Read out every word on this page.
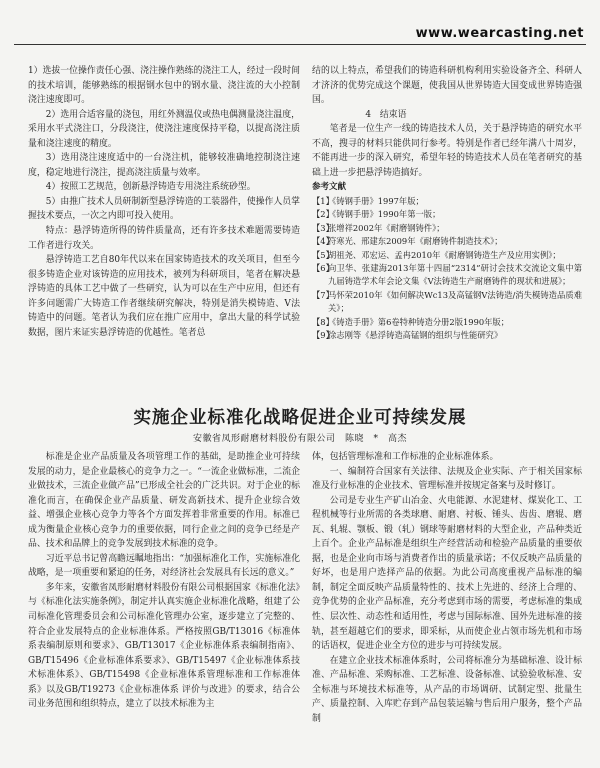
www.wearcasting.net

1）选拔一位操作责任心强、浇注操作熟练的浇注工人，经过一段时间的技术培训，能够熟练的根据钢水包中的钢水量、浇注流的大小控制浇注速度即可。

2）选用合适容量的浇包，用红外测温仪或热电偶测量浇注温度，采用水平式浇注口，分段浇注，使浇注速度保持平稳，以提高浇注质量和浇注速度的精度。

3）选用浇注速度适中的一台浇注机，能够较准确地控制浇注速度，稳定地进行浇注，提高浇注质量与效率。

4）按照工艺规范，创新悬浮铸造专用浇注系统砂型。

5）由推广技术人员研制新型悬浮铸造的工装器件，使操作人员掌握技术要点，一次之内即可投入使用。

特点：悬浮铸造所得的铸件质量高，还有许多技术难题需要铸造工作者进行攻关。

悬浮铸造工艺自80年代以来在国家铸造技术的攻关项目，但至今很多铸造企业对该铸造的应用技术，被列为科研项目，笔者在解决悬浮铸造的具体工艺中做了一些研究，认为可以在生产中应用，但还有许多问题需广大铸造工作者继续研究解决，特别是消失模铸造、V法铸造中的问题。笔者认为我们应在推广应用中，拿出大量的科学试验数据，图片来证实悬浮铸造的优越性。笔者总

结的以上特点，希望我们的铸造科研机构利用实验设备齐全、科研人才济济的优势完成这个课题，使我国从世界铸造大国变成世界铸造强国。

4　结束语

笔者是一位生产一线的铸造技术人员，关于悬浮铸造的研究水平不高，搜寻的材料只能供同行参考。特别是作者已经年满八十周岁，不能再进一步的深入研究，希望年轻的铸造技术人员在笔者研究的基础上进一步把悬浮铸造搞好。

参考文献

【1】
《铸钢手册》1997年版；

【2】
《铸钢手册》1990年第一版；

【3】
张增祥2002年《耐磨钢铸件》；

【4】
符寒光、邢建东2009年《耐磨铸件制造技术》；

【5】
胡祖尧、邓宏运、孟冉2010年《耐磨钢铸造生产及应用实例》；

【6】
向卫华、张建海2013年第十四届“2314”研讨会技术交流论文集中第九届铸造学术年会论文集《V法铸造生产耐磨铸件的现状和进展》；

【7】
马怀荣2010年《如何解决Wc13及高锰钢V法铸造/消失模铸造品质难关》；

【8】
《铸造手册》第6卷特种铸造分册2版1990年版；

【9】
徐志刚等《悬浮铸造高锰钢的组织与性能研究》

实施企业标准化战略促进企业可持续发展
安徽省凤形耐磨材料股份有限公司　陈晓　*　高杰

标准是企业产品质量及各项管理工作的基础，是助推企业可持续发展的动力，是企业最核心的竞争力之一。“一流企业做标准，二流企业做技术，三流企业做产品”已形成全社会的广泛共识。对于企业的标准化而言，在确保企业产品质量、研发高新技术、提升企业综合效益、增强企业核心竞争力等各个方面发挥着非常重要的作用。标准已成为衡量企业核心竞争力的重要依据，同行企业之间的竞争已经是产品、技术和品牌上的竞争发展到技术标准的竞争。

习近平总书记曾高瞻远瞩地指出：“加强标准化工作，实施标准化战略，是一项重要和紧迫的任务，对经济社会发展具有长远的意义。”

多年来，安徽省凤形耐磨材料股份有限公司根据国家《标准化法》与《标准化法实施条例》，制定并认真实施企业标准化战略，组建了公司标准化管理委员会和公司标准化管理办公室，逐步建立了完整的、符合企业发展特点的企业标准体系。严格按照GB/T13016《标准体系表编制原则和要求》、GB/T13017《企业标准体系表编制指南》、GB/T15496《企业标准体系要求》、GB/T15497《企业标准体系技术标准体系》、GB/T15498《企业标准体系管理标准和工作标准体系》以及GB/T19273《企业标准体系 评价与改进》的要求，结合公司业务范围和组织特点，建立了以技术标准为主

体，包括管理标准和工作标准的企业标准体系。

一、编制符合国家有关法律、法规及企业实际、产于相关国家标准及行业标准的企业技术、管理标准并按规定备案与及时修订。

公司是专业生产矿山冶金、火电能源、水泥建材、煤炭化工、工程机械等行业所需的各类球磨、耐磨、衬板、锤头、齿齿、磨辊、磨瓦、轧辊、颚板、锻（轧）钢球等耐磨材料的大型企业，产品种类近上百个。企业产品标准是组织生产经营活动和检验产品质量的重要依据，也是企业向市场与消费者作出的质量承诺；不仅反映产品质量的好坏，也是用户选择产品的依据。为此公司高度重视产品标准的编制，制定全面反映产品质量特性的、技术上先进的、经济上合理的、竞争优势的企业产品标准，充分考虑到市场的需要，考虑标准的集成性、层次性、动态性和适用性，考虑与国际标准、国外先进标准的接轨，甚至超越它们的要求，即采标，从而使企业占领市场先机和市场的话语权，促进企业全方位的进步与可持续发展。

在建立企业技术标准体系时，公司将标准分为基础标准、设计标准、产品标准、采购标准、工艺标准、设备标准、试验验收标准、安全标准与环境技术标准等，从产品的市场调研、试制定型、批量生产、质量控制、入库贮存到产品包装运输与售后用户服务，整个产品制
